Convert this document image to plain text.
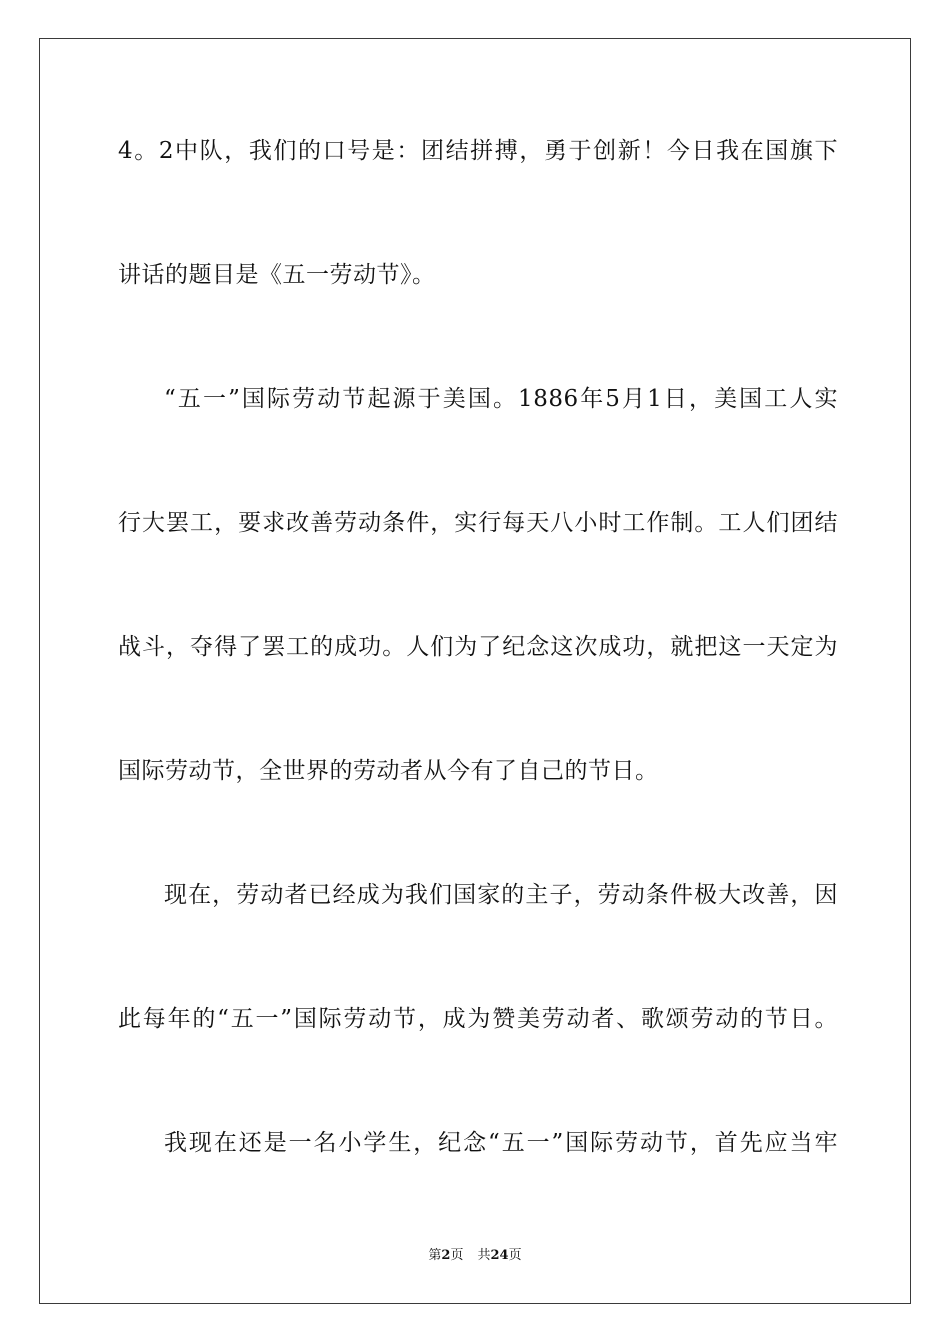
4。2中队，我们的口号是：团结拼搏，勇于创新！今日我在国旗下
讲话的题目是《五一劳动节》。
“五一”国际劳动节起源于美国。1886年5月1日，美国工人实
行大罢工，要求改善劳动条件，实行每天八小时工作制。工人们团结
战斗，夺得了罢工的成功。人们为了纪念这次成功，就把这一天定为
国际劳动节，全世界的劳动者从今有了自己的节日。
现在，劳动者已经成为我们国家的主子，劳动条件极大改善，因
此每年的“五一”国际劳动节，成为赞美劳动者、歌颂劳动的节日。
我现在还是一名小学生，纪念“五一”国际劳动节，首先应当牢
第2页 共24页
